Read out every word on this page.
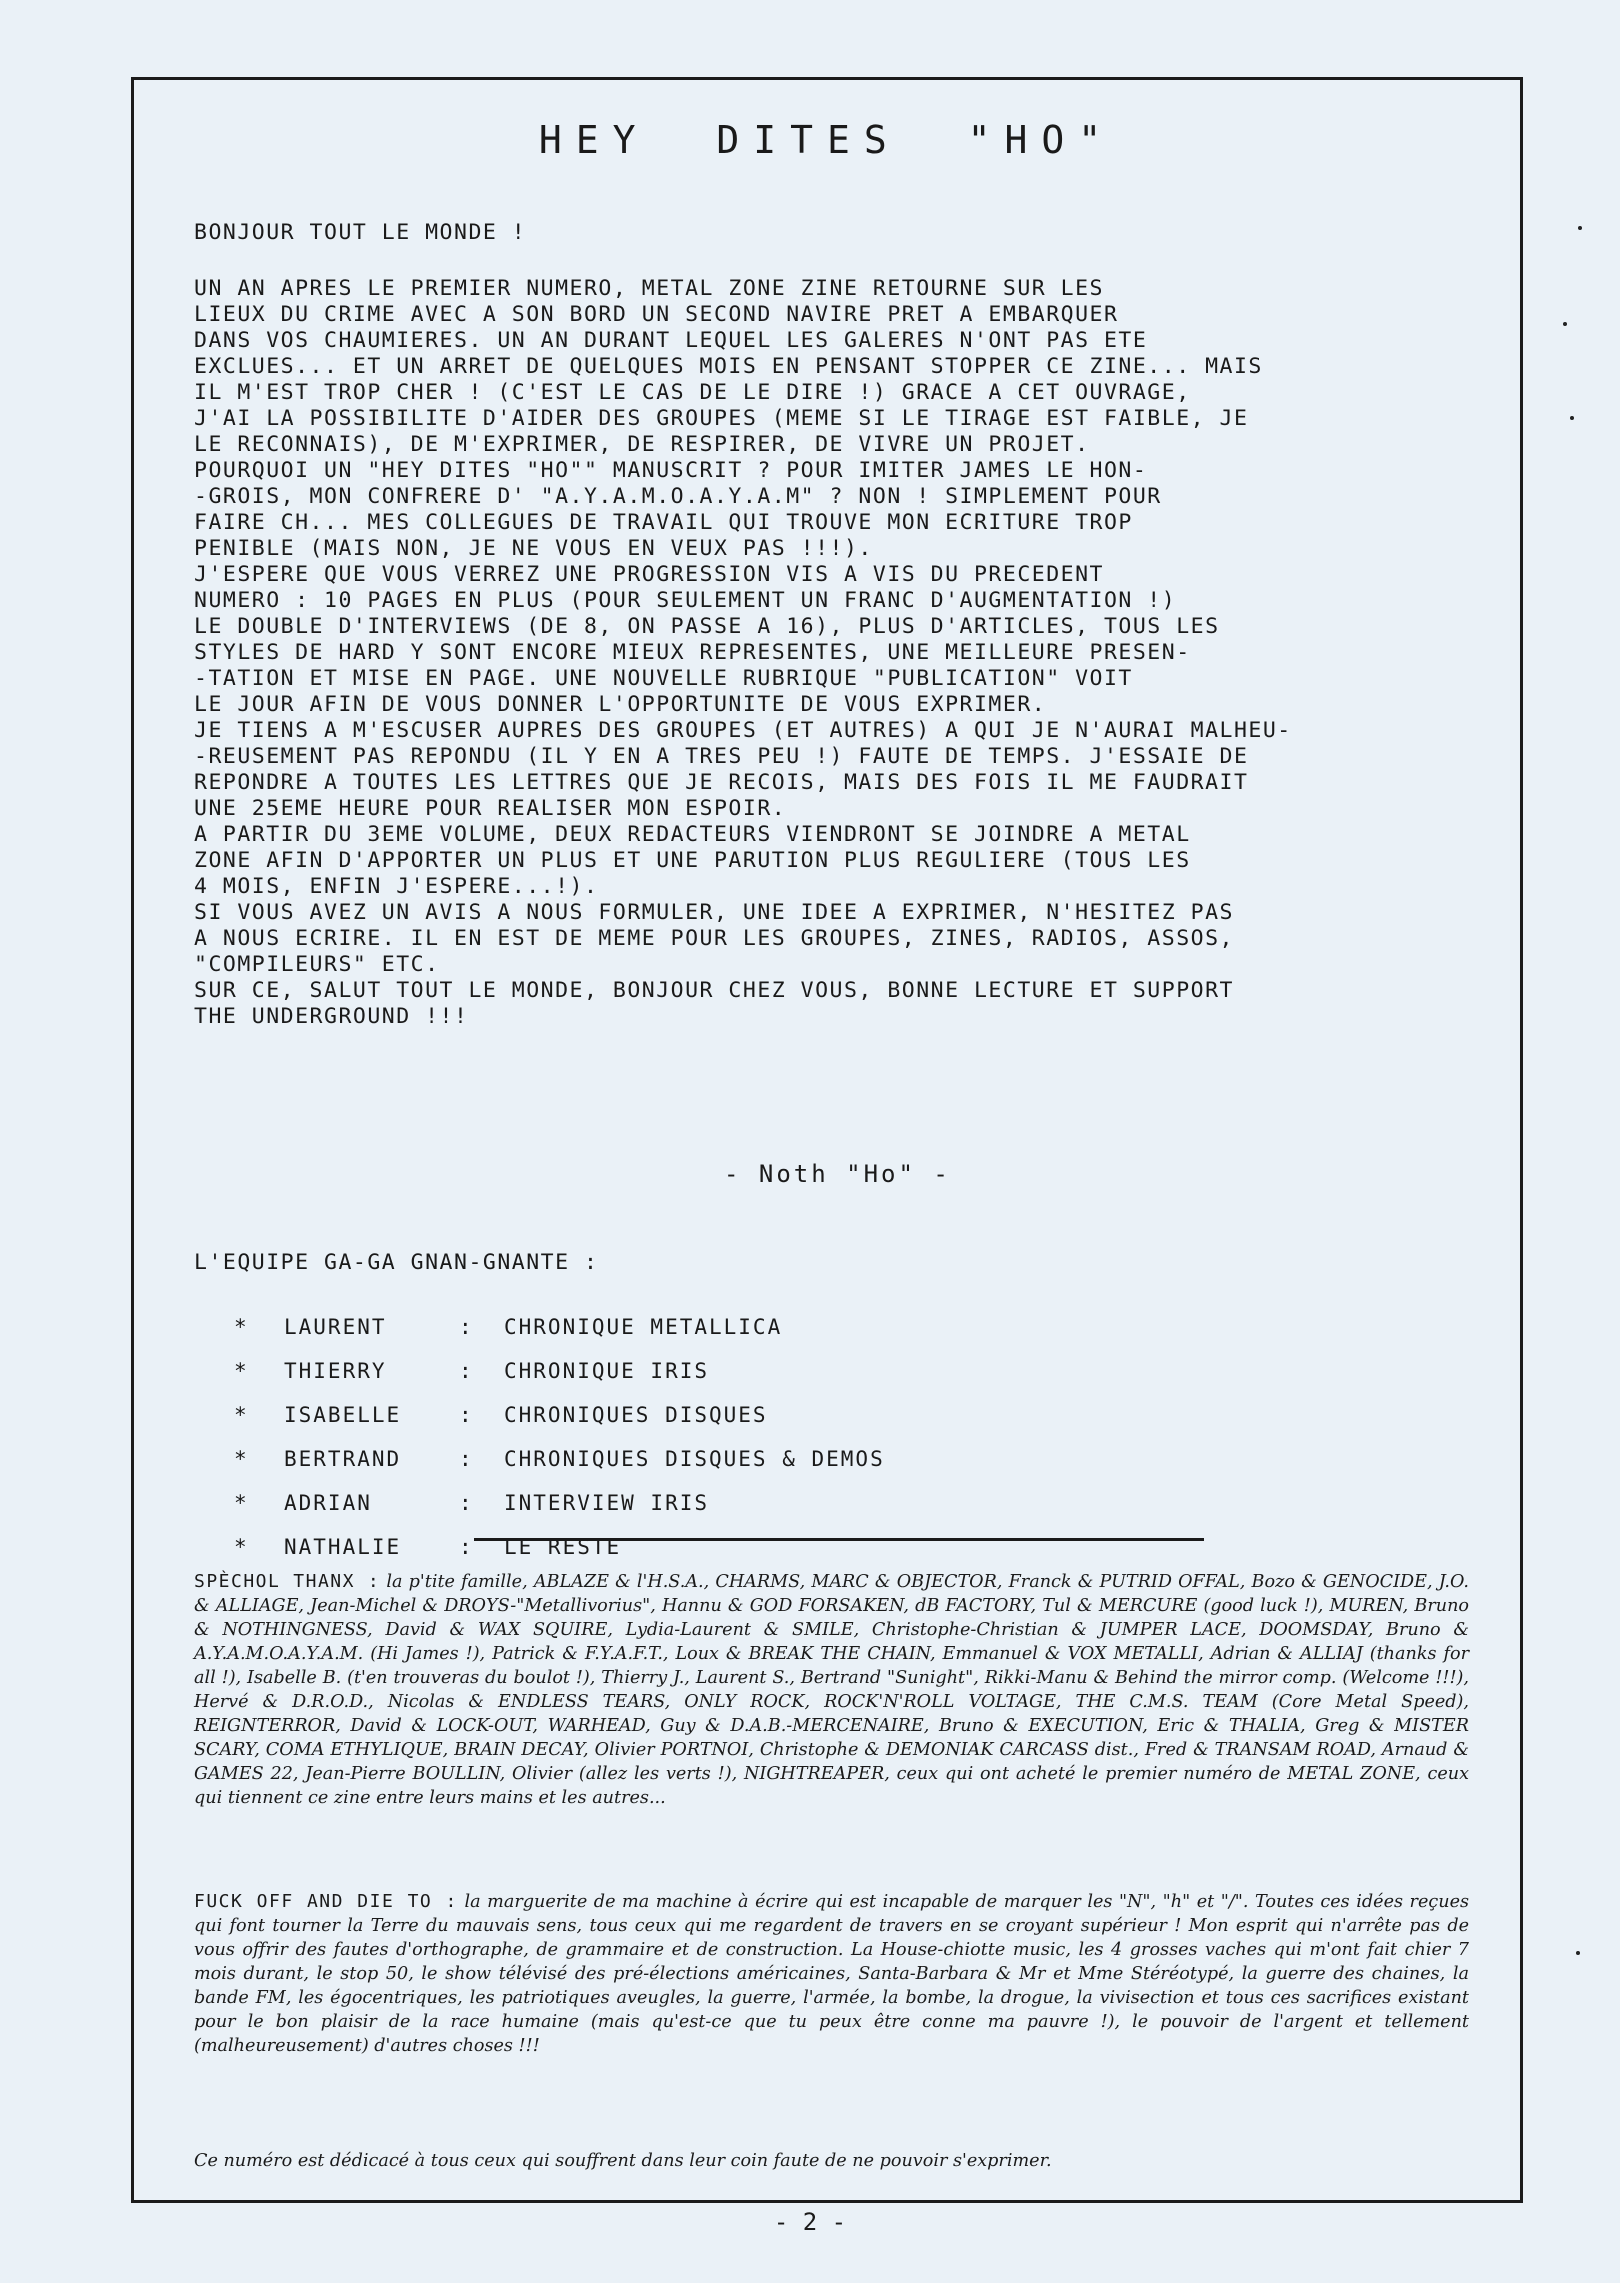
HEY DITES "HO"
BONJOUR TOUT LE MONDE !
UN AN APRES LE PREMIER NUMERO, METAL ZONE ZINE RETOURNE SUR LES
LIEUX DU CRIME AVEC A SON BORD UN SECOND NAVIRE PRET A EMBARQUER
DANS VOS CHAUMIERES. UN AN DURANT LEQUEL LES GALERES N'ONT PAS ETE
EXCLUES... ET UN ARRET DE QUELQUES MOIS EN PENSANT STOPPER CE ZINE... MAIS
IL M'EST TROP CHER ! (C'EST LE CAS DE LE DIRE !) GRACE A CET OUVRAGE,
J'AI LA POSSIBILITE D'AIDER DES GROUPES (MEME SI LE TIRAGE EST FAIBLE, JE
LE RECONNAIS), DE M'EXPRIMER, DE RESPIRER, DE VIVRE UN PROJET.
POURQUOI UN "HEY DITES "HO"" MANUSCRIT ? POUR IMITER JAMES LE HON-
-GROIS, MON CONFRERE D' "A.Y.A.M.O.A.Y.A.M" ? NON ! SIMPLEMENT POUR
FAIRE CH... MES COLLEGUES DE TRAVAIL QUI TROUVE MON ECRITURE TROP
PENIBLE (MAIS NON, JE NE VOUS EN VEUX PAS !!!).
J'ESPERE QUE VOUS VERREZ UNE PROGRESSION VIS A VIS DU PRECEDENT
NUMERO : 10 PAGES EN PLUS (POUR SEULEMENT UN FRANC D'AUGMENTATION !)
LE DOUBLE D'INTERVIEWS (DE 8, ON PASSE A 16), PLUS D'ARTICLES, TOUS LES
STYLES DE HARD Y SONT ENCORE MIEUX REPRESENTES, UNE MEILLEURE PRESEN-
-TATION ET MISE EN PAGE. UNE NOUVELLE RUBRIQUE "PUBLICATION" VOIT
LE JOUR AFIN DE VOUS DONNER L'OPPORTUNITE DE VOUS EXPRIMER.
JE TIENS A M'ESCUSER AUPRES DES GROUPES (ET AUTRES) A QUI JE N'AURAI MALHEU-
-REUSEMENT PAS REPONDU (IL Y EN A TRES PEU !) FAUTE DE TEMPS. J'ESSAIE DE
REPONDRE A TOUTES LES LETTRES QUE JE RECOIS, MAIS DES FOIS IL ME FAUDRAIT
UNE 25EME HEURE POUR REALISER MON ESPOIR.
A PARTIR DU 3EME VOLUME, DEUX REDACTEURS VIENDRONT SE JOINDRE A METAL
ZONE AFIN D'APPORTER UN PLUS ET UNE PARUTION PLUS REGULIERE (TOUS LES
4 MOIS, ENFIN J'ESPERE...!).
SI VOUS AVEZ UN AVIS A NOUS FORMULER, UNE IDEE A EXPRIMER, N'HESITEZ PAS
A NOUS ECRIRE. IL EN EST DE MEME POUR LES GROUPES, ZINES, RADIOS, ASSOS,
"COMPILEURS" ETC.
SUR CE, SALUT TOUT LE MONDE, BONJOUR CHEZ VOUS, BONNE LECTURE ET SUPPORT
THE UNDERGROUND !!!
- Noth "Ho" -
L'EQUIPE GA-GA GNAN-GNANTE :
*	LAURENT	:	CHRONIQUE METALLICA
*	THIERRY	:	CHRONIQUE IRIS
*	ISABELLE	:	CHRONIQUES DISQUES
*	BERTRAND	:	CHRONIQUES DISQUES & DEMOS
*	ADRIAN	:	INTERVIEW IRIS
*	NATHALIE	:	LE RESTE
SPÈCHOL THANX : la p'tite famille, ABLAZE & l'H.S.A., CHARMS, MARC & OBJECTOR, Franck & PUTRID OFFAL, Bozo & GENOCIDE, J.O. & ALLIAGE, Jean-Michel & DROYS-"Metallivorius", Hannu & GOD FORSAKEN, dB FACTORY, Tul & MERCURE (good luck !), MUREN, Bruno & NOTHINGNESS, David & WAX SQUIRE, Lydia-Laurent & SMILE, Christophe-Christian & JUMPER LACE, DOOMSDAY, Bruno & A.Y.A.M.O.A.Y.A.M. (Hi James !), Patrick & F.Y.A.F.T., Loux & BREAK THE CHAIN, Emmanuel & VOX METALLI, Adrian & ALLIAJ (thanks for all !), Isabelle B. (t'en trouveras du boulot !), Thierry J., Laurent S., Bertrand "Sunight", Rikki-Manu & Behind the mirror comp. (Welcome !!!), Hervé & D.R.O.D., Nicolas & ENDLESS TEARS, ONLY ROCK, ROCK'N'ROLL VOLTAGE, THE C.M.S. TEAM (Core Metal Speed), REIGNTERROR, David & LOCK-OUT, WARHEAD, Guy & D.A.B.-MERCENAIRE, Bruno & EXECUTION, Eric & THALIA, Greg & MISTER SCARY, COMA ETHYLIQUE, BRAIN DECAY, Olivier PORTNOI, Christophe & DEMONIAK CARCASS dist., Fred & TRANSAM ROAD, Arnaud & GAMES 22, Jean-Pierre BOULLIN, Olivier (allez les verts !), NIGHTREAPER, ceux qui ont acheté le premier numéro de METAL ZONE, ceux qui tiennent ce zine entre leurs mains et les autres...
FUCK OFF AND DIE TO : la marguerite de ma machine à écrire qui est incapable de marquer les "N", "h" et "/". Toutes ces idées reçues qui font tourner la Terre du mauvais sens, tous ceux qui me regardent de travers en se croyant supérieur ! Mon esprit qui n'arrête pas de vous offrir des fautes d'orthographe, de grammaire et de construction. La House-chiotte music, les 4 grosses vaches qui m'ont fait chier 7 mois durant, le stop 50, le show télévisé des pré-élections américaines, Santa-Barbara & Mr et Mme Stéréotypé, la guerre des chaines, la bande FM, les égocentriques, les patriotiques aveugles, la guerre, l'armée, la bombe, la drogue, la vivisection et tous ces sacrifices existant pour le bon plaisir de la race humaine (mais qu'est-ce que tu peux être conne ma pauvre !), le pouvoir de l'argent et tellement (malheureusement) d'autres choses !!!
Ce numéro est dédicacé à tous ceux qui souffrent dans leur coin faute de ne pouvoir s'exprimer.
- 2 -
